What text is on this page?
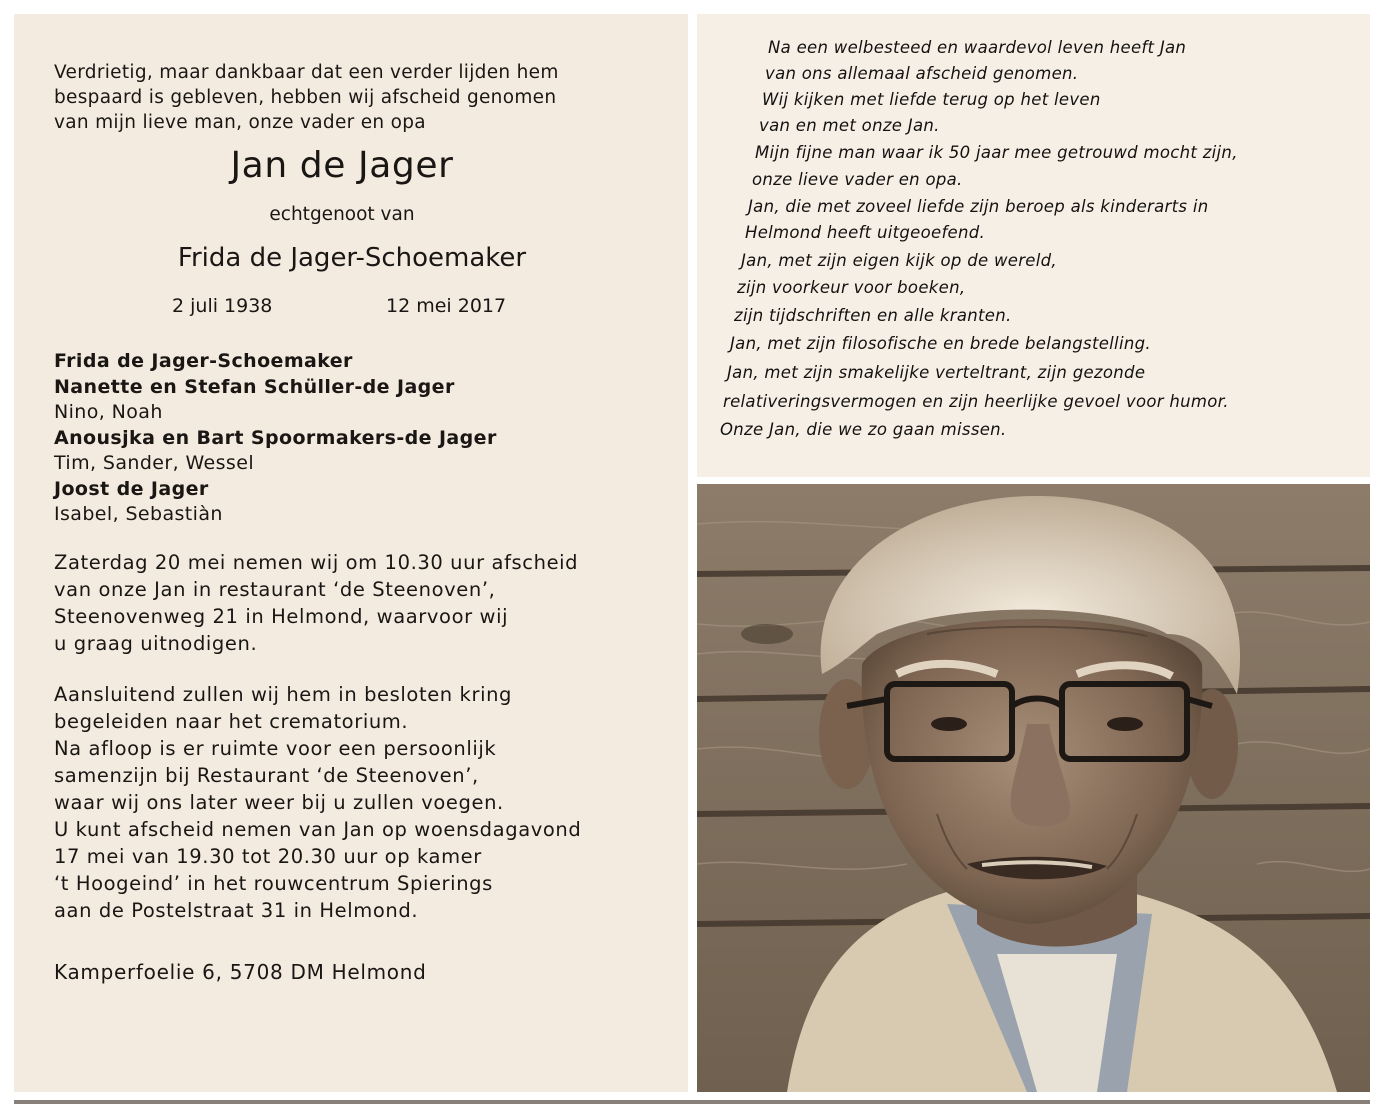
Verdrietig, maar dankbaar dat een verder lijden hem
bespaard is gebleven, hebben wij afscheid genomen
van mijn lieve man, onze vader en opa
Jan de Jager
echtgenoot van
Frida de Jager-Schoemaker
2 juli 1938	12 mei 2017
Frida de Jager-Schoemaker
Nanette en Stefan Schüller-de Jager
Nino, Noah
Anousjka en Bart Spoormakers-de Jager
Tim, Sander, Wessel
Joost de Jager
Isabel, Sebastiàn
Zaterdag 20 mei nemen wij om 10.30 uur afscheid
van onze Jan in restaurant ‘de Steenoven’,
Steenovenweg 21 in Helmond, waarvoor wij
u graag uitnodigen.
Aansluitend zullen wij hem in besloten kring
begeleiden naar het crematorium.
Na afloop is er ruimte voor een persoonlijk
samenzijn bij Restaurant ‘de Steenoven’,
waar wij ons later weer bij u zullen voegen.
U kunt afscheid nemen van Jan op woensdagavond
17 mei van 19.30 tot 20.30 uur op kamer
‘t Hoogeind’ in het rouwcentrum Spierings
aan de Postelstraat 31 in Helmond.
Kamperfoelie 6, 5708 DM Helmond
Na een welbesteed en waardevol leven heeft Jan
van ons allemaal afscheid genomen.
Wij kijken met liefde terug op het leven
van en met onze Jan.
Mijn fijne man waar ik 50 jaar mee getrouwd mocht zijn,
onze lieve vader en opa.
Jan, die met zoveel liefde zijn beroep als kinderarts in
Helmond heeft uitgeoefend.
Jan, met zijn eigen kijk op de wereld,
zijn voorkeur voor boeken,
zijn tijdschriften en alle kranten.
Jan, met zijn filosofische en brede belangstelling.
Jan, met zijn smakelijke verteltrant, zijn gezonde
relativeringsvermogen en zijn heerlijke gevoel voor humor.
Onze Jan, die we zo gaan missen.
